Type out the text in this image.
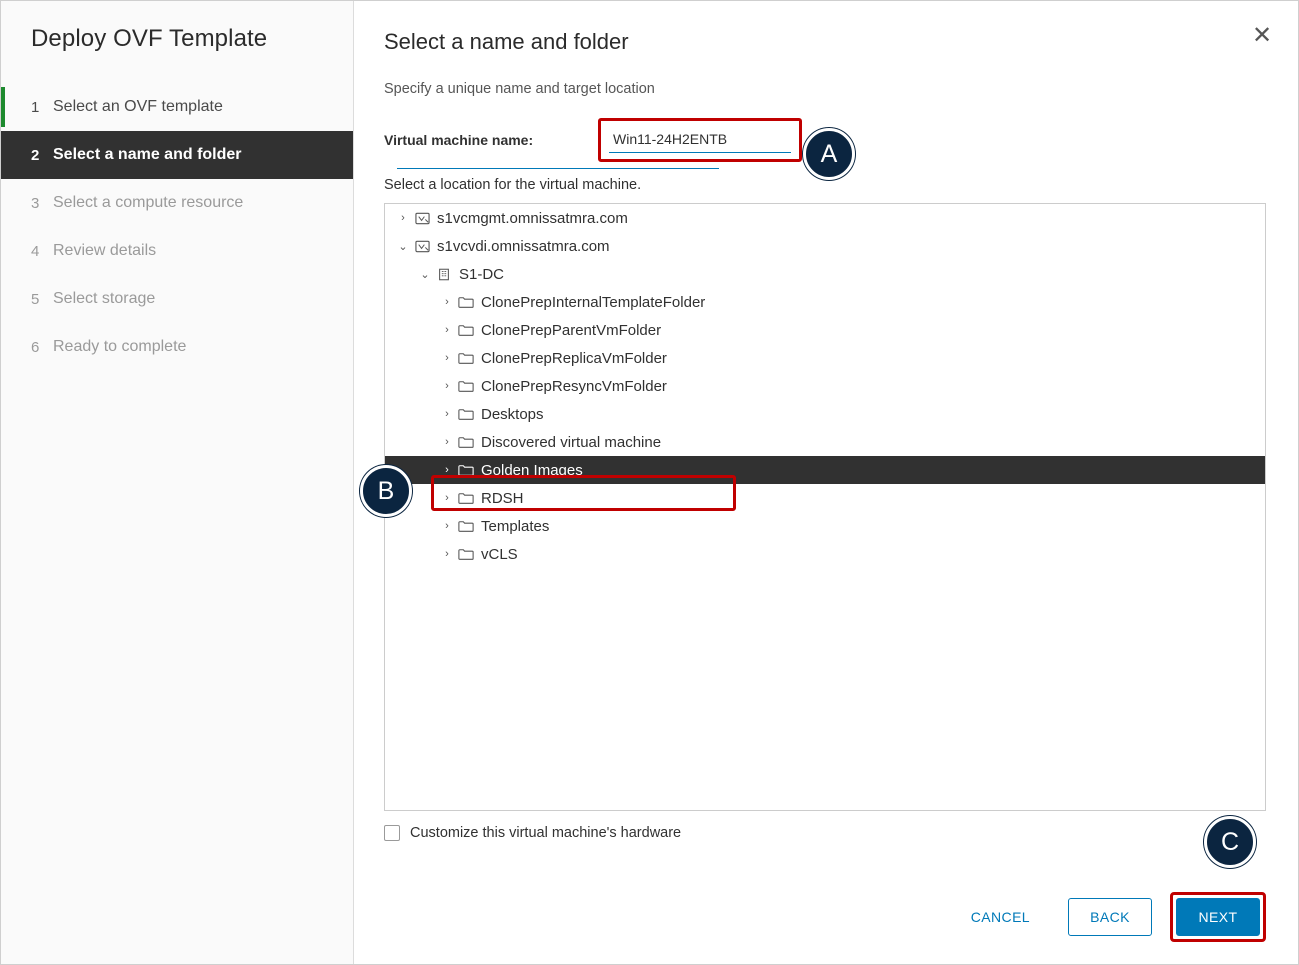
Deploy OVF Template
1 Select an OVF template
2 Select a name and folder
3 Select a compute resource
4 Review details
5 Select storage
6 Ready to complete
Select a name and folder	✕
Specify a unique name and target location
Virtual machine name:
Win11-24H2ENTB
Select a location for the virtual machine.
›	s1vcmgmt.omnissatmra.com
⌄ s1vcvdi.omnissatmra.com
⌄ S1-DC
›	ClonePrepInternalTemplateFolder
›	ClonePrepParentVmFolder
›	ClonePrepReplicaVmFolder
›	ClonePrepResyncVmFolder
›	Desktops
›	Discovered virtual machine
›	Golden Images
›	RDSH
›	Templates
›	vCLS
Customize this virtual machine's hardware
CANCEL	BACK	NEXT
A
B
C
